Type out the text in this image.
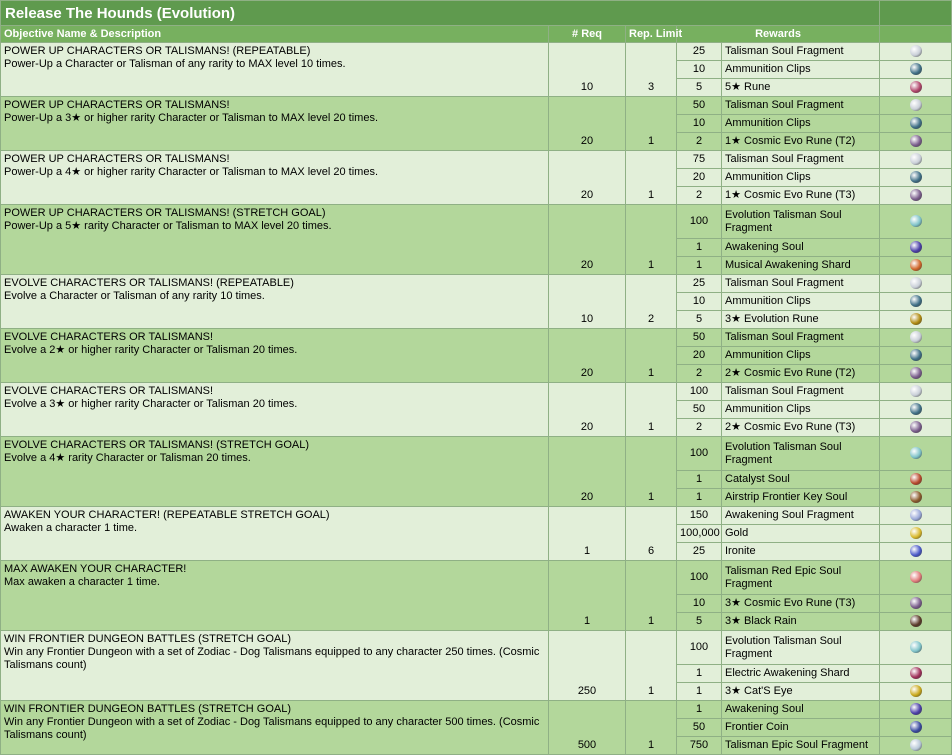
Release The Hounds (Evolution)					
Objective Name & Description	# Req	Rep. Limit	Rewards		

POWER UP CHARACTERS OR TALISMANS! (REPEATABLE)
Power-Up a Character or Talisman of any rarity to MAX level 10 times.	10	3	25	Talisman Soul Fragment	
			10	Ammunition Clips	
			5	5★ Rune	

POWER UP CHARACTERS OR TALISMANS!
Power-Up a 3★ or higher rarity Character or Talisman to MAX level 20 times.	20	1	50	Talisman Soul Fragment	
			10	Ammunition Clips	
			2	1★ Cosmic Evo Rune (T2)	

POWER UP CHARACTERS OR TALISMANS!
Power-Up a 4★ or higher rarity Character or Talisman to MAX level 20 times.	20	1	75	Talisman Soul Fragment	
			20	Ammunition Clips	
			2	1★ Cosmic Evo Rune (T3)	

POWER UP CHARACTERS OR TALISMANS! (STRETCH GOAL)
Power-Up a 5★ rarity Character or Talisman to MAX level 20 times.	20	1	100	Evolution Talisman Soul Fragment	
			1	Awakening Soul	
			1	Musical Awakening Shard	

EVOLVE CHARACTERS OR TALISMANS! (REPEATABLE)
Evolve a Character or Talisman of any rarity 10 times.	10	2	25	Talisman Soul Fragment	
			10	Ammunition Clips	
			5	3★ Evolution Rune	

EVOLVE CHARACTERS OR TALISMANS!
Evolve a 2★ or higher rarity Character or Talisman 20 times.	20	1	50	Talisman Soul Fragment	
			20	Ammunition Clips	
			2	2★ Cosmic Evo Rune (T2)	

EVOLVE CHARACTERS OR TALISMANS!
Evolve a 3★ or higher rarity Character or Talisman 20 times.	20	1	100	Talisman Soul Fragment	
			50	Ammunition Clips	
			2	2★ Cosmic Evo Rune (T3)	

EVOLVE CHARACTERS OR TALISMANS! (STRETCH GOAL)
Evolve a 4★ rarity Character or Talisman 20 times.	20	1	100	Evolution Talisman Soul Fragment	
			1	Catalyst Soul	
			1	Airstrip Frontier Key Soul	

AWAKEN YOUR CHARACTER! (REPEATABLE STRETCH GOAL)
Awaken a character 1 time.	1	6	150	Awakening Soul Fragment	
			100,000	Gold	
			25	Ironite	

MAX AWAKEN YOUR CHARACTER!
Max awaken a character 1 time.	1	1	100	Talisman Red Epic Soul Fragment	
			10	3★ Cosmic Evo Rune (T3)	
			5	3★ Black Rain	

WIN FRONTIER DUNGEON BATTLES (STRETCH GOAL)
Win any Frontier Dungeon with a set of Zodiac - Dog Talismans equipped to any character 250 times. (Cosmic Talismans count)	250	1	100	Evolution Talisman Soul Fragment	
			1	Electric Awakening Shard	
			1	3★ Cat'S Eye	

WIN FRONTIER DUNGEON BATTLES (STRETCH GOAL)
Win any Frontier Dungeon with a set of Zodiac - Dog Talismans equipped to any character 500 times. (Cosmic Talismans count)	500	1	1	Awakening Soul	
			50	Frontier Coin	
			750	Talisman Epic Soul Fragment	
